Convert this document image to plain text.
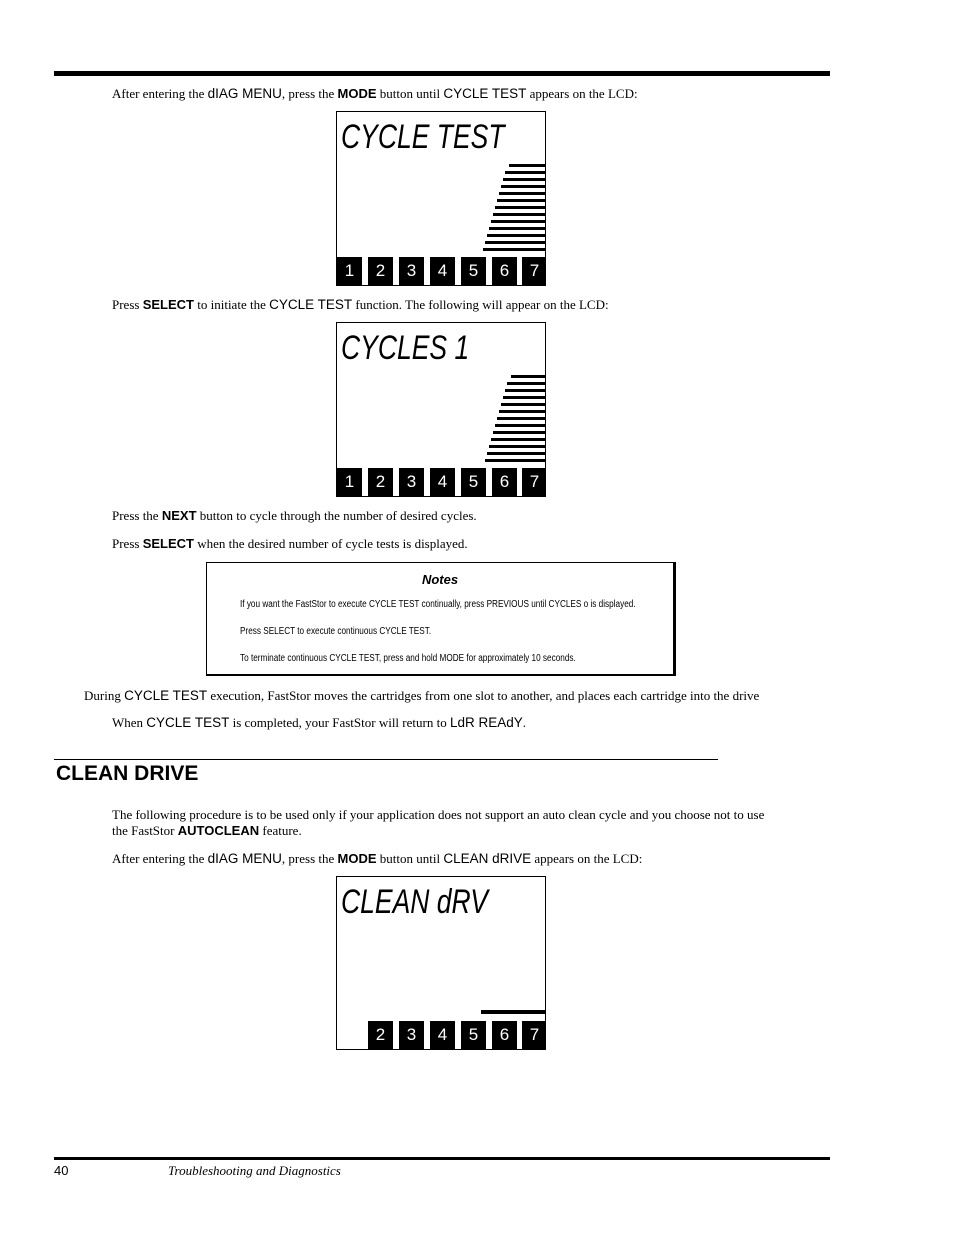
After entering the dIAG MENU, press the MODE button until CYCLE TEST appears on the LCD:
CYCLE TEST
1	2	3	4	5	6	7
Press SELECT to initiate the CYCLE TEST function. The following will appear on the LCD:
CYCLES 1
1	2	3	4	5	6	7
Press the NEXT button to cycle through the number of desired cycles.
Press SELECT when the desired number of cycle tests is displayed.
Notes
If you want the FastStor to execute CYCLE TEST continually, press PREVIOUS until CYCLES o is displayed.
Press SELECT to execute continuous CYCLE TEST.
To terminate continuous CYCLE TEST, press and hold MODE for approximately 10 seconds.
During CYCLE TEST execution, FastStor moves the cartridges from one slot to another, and places each cartridge into the drive
When CYCLE TEST is completed, your FastStor will return to LdR REAdY.
CLEAN DRIVE
The following procedure is to be used only if your application does not support an auto clean cycle and you choose not to use
the FastStor AUTOCLEAN feature.
After entering the dIAG MENU, press the MODE button until CLEAN dRIVE appears on the LCD:
CLEAN dRV
2	3	4	5	6	7
40	Troubleshooting and Diagnostics
